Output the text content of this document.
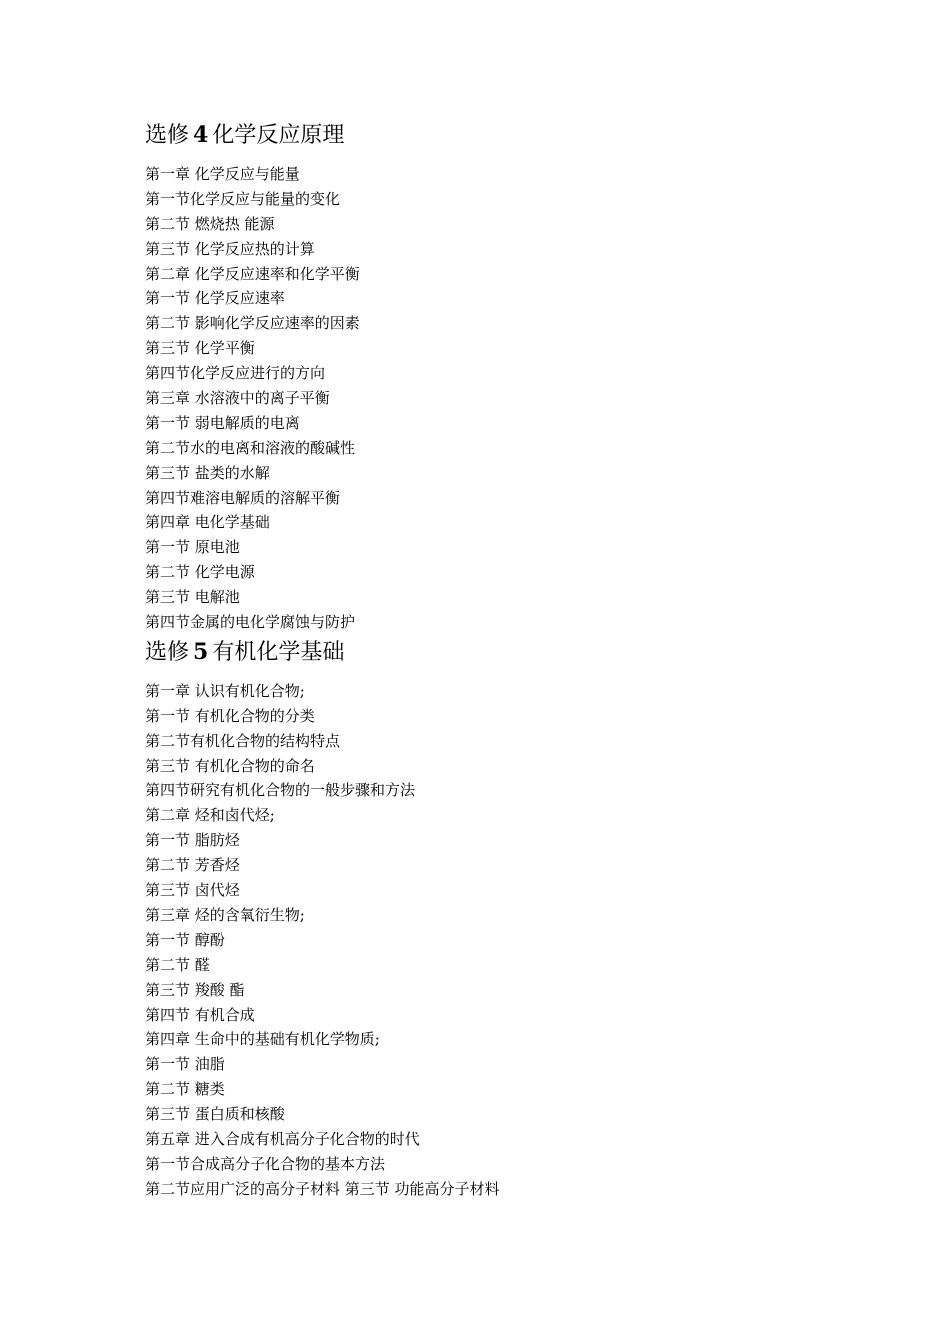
选修 4 化学反应原理
第一章 化学反应与能量
第一节化学反应与能量的变化
第二节 燃烧热 能源
第三节 化学反应热的计算
第二章 化学反应速率和化学平衡
第一节 化学反应速率
第二节 影响化学反应速率的因素
第三节 化学平衡
第四节化学反应进行的方向
第三章 水溶液中的离子平衡
第一节 弱电解质的电离
第二节水的电离和溶液的酸碱性
第三节 盐类的水解
第四节难溶电解质的溶解平衡
第四章 电化学基础
第一节 原电池
第二节 化学电源
第三节 电解池
第四节金属的电化学腐蚀与防护
选修 5 有机化学基础
第一章 认识有机化合物;
第一节 有机化合物的分类
第二节有机化合物的结构特点
第三节 有机化合物的命名
第四节研究有机化合物的一般步骤和方法
第二章 烃和卤代烃;
第一节 脂肪烃
第二节 芳香烃
第三节 卤代烃
第三章 烃的含氧衍生物;
第一节 醇酚
第二节 醛
第三节 羧酸 酯
第四节 有机合成
第四章 生命中的基础有机化学物质;
第一节 油脂
第二节 糖类
第三节 蛋白质和核酸
第五章 进入合成有机高分子化合物的时代
第一节合成高分子化合物的基本方法
第二节应用广泛的高分子材料 第三节 功能高分子材料
